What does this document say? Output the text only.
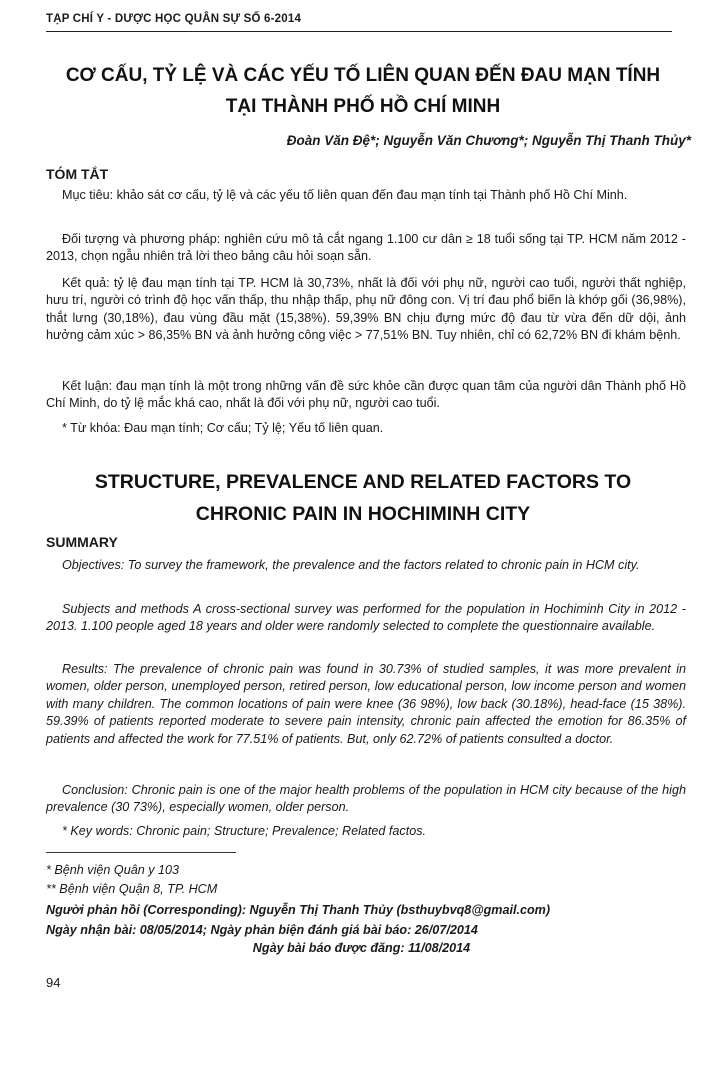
TẠP CHÍ Y - DƯỢC HỌC QUÂN SỰ SỐ 6-2014
CƠ CẤU, TỶ LỆ VÀ CÁC YẾU TỐ LIÊN QUAN ĐẾN ĐAU MẠN TÍNH
TẠI THÀNH PHỐ HỒ CHÍ MINH
Đoàn Văn Đệ*; Nguyễn Văn Chương*; Nguyễn Thị Thanh Thủy*
TÓM TẮT

Mục tiêu: khảo sát cơ cấu, tỷ lệ và các yếu tố liên quan đến đau mạn tính tại Thành phố Hồ Chí Minh.

Đối tượng và phương pháp: nghiên cứu mô tả cắt ngang 1.100 cư dân ≥ 18 tuổi sống tại TP. HCM năm 2012 - 2013, chọn ngẫu nhiên trả lời theo bảng câu hỏi soạn sẵn.

Kết quả: tỷ lệ đau mạn tính tại TP. HCM là 30,73%, nhất là đối với phụ nữ, người cao tuổi, người thất nghiệp, hưu trí, người có trình độ học vấn thấp, thu nhập thấp, phụ nữ đông con. Vị trí đau phổ biến là khớp gối (36,98%), thắt lưng (30,18%), đau vùng đầu mặt (15,38%). 59,39% BN chịu đựng mức độ đau từ vừa đến dữ dội, ảnh hưởng cảm xúc > 86,35% BN và ảnh hưởng công việc > 77,51% BN. Tuy nhiên, chỉ có 62,72% BN đi khám bệnh.

Kết luận: đau mạn tính là một trong những vấn đề sức khỏe cần được quan tâm của người dân Thành phố Hồ Chí Minh, do tỷ lệ mắc khá cao, nhất là đối với phụ nữ, người cao tuổi.

* Từ khóa: Đau mạn tính; Cơ cấu; Tỷ lệ; Yếu tố liên quan.

STRUCTURE, PREVALENCE AND RELATED FACTORS TO
CHRONIC PAIN IN HOCHIMINH CITY
SUMMARY

Objectives: To survey the framework, the prevalence and the factors related to chronic pain in HCM city.

Subjects and methods A cross-sectional survey was performed for the population in Hochiminh City in 2012 - 2013. 1.100 people aged 18 years and older were randomly selected to complete the questionnaire available.

Results: The prevalence of chronic pain was found in 30.73% of studied samples, it was more prevalent in women, older person, unemployed person, retired person, low educational person, low income person and women with many children. The common locations of pain were knee (36 98%), low back (30.18%), head-face (15 38%). 59.39% of patients reported moderate to severe pain intensity, chronic pain affected the emotion for 86.35% of patients and affected the work for 77.51% of patients. But, only 62.72% of patients consulted a doctor.

Conclusion: Chronic pain is one of the major health problems of the population in HCM city because of the high prevalence (30 73%), especially women, older person.

* Key words: Chronic pain; Structure; Prevalence; Related factos.

* Bệnh viện Quân y 103
** Bệnh viện Quận 8, TP. HCM
Người phản hồi (Corresponding): Nguyễn Thị Thanh Thủy (bsthuybvq8@gmail.com)
Ngày nhận bài: 08/05/2014; Ngày phản biện đánh giá bài báo: 26/07/2014
Ngày bài báo được đăng: 11/08/2014
94
